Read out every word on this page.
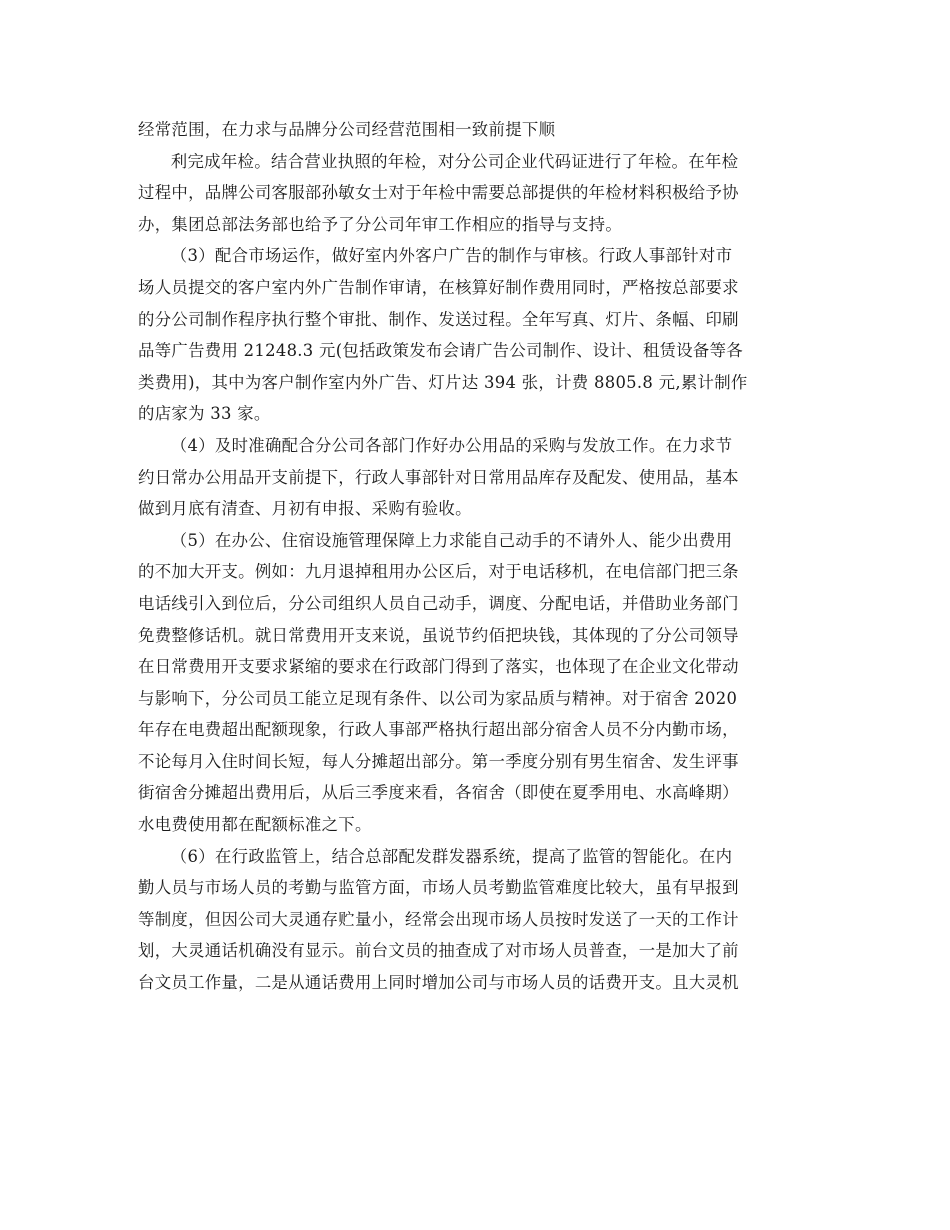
经常范围，在力求与品牌分公司经营范围相一致前提下顺
利完成年检。结合营业执照的年检，对分公司企业代码证进行了年检。在年检
过程中，品牌公司客服部孙敏女士对于年检中需要总部提供的年检材料积极给予协
办，集团总部法务部也给予了分公司年审工作相应的指导与支持。
（3）配合市场运作，做好室内外客户广告的制作与审核。行政人事部针对市
场人员提交的客户室内外广告制作审请，在核算好制作费用同时，严格按总部要求
的分公司制作程序执行整个审批、制作、发送过程。全年写真、灯片、条幅、印刷
品等广告费用 21248.3 元(包括政策发布会请广告公司制作、设计、租赁设备等各
类费用)，其中为客户制作室内外广告、灯片达 394 张，计费 8805.8 元,累计制作
的店家为 33 家。
（4）及时准确配合分公司各部门作好办公用品的采购与发放工作。在力求节
约日常办公用品开支前提下，行政人事部针对日常用品库存及配发、使用品，基本
做到月底有清查、月初有申报、采购有验收。
（5）在办公、住宿设施管理保障上力求能自己动手的不请外人、能少出费用
的不加大开支。例如：九月退掉租用办公区后，对于电话移机，在电信部门把三条
电话线引入到位后，分公司组织人员自己动手，调度、分配电话，并借助业务部门
免费整修话机。就日常费用开支来说，虽说节约佰把块钱，其体现的了分公司领导
在日常费用开支要求紧缩的要求在行政部门得到了落实，也体现了在企业文化带动
与影响下，分公司员工能立足现有条件、以公司为家品质与精神。对于宿舍 2020
年存在电费超出配额现象，行政人事部严格执行超出部分宿舍人员不分内勤市场，
不论每月入住时间长短，每人分摊超出部分。第一季度分别有男生宿舍、发生评事
街宿舍分摊超出费用后，从后三季度来看，各宿舍（即使在夏季用电、水高峰期）
水电费使用都在配额标准之下。
（6）在行政监管上，结合总部配发群发器系统，提高了监管的智能化。在内
勤人员与市场人员的考勤与监管方面，市场人员考勤监管难度比较大，虽有早报到
等制度，但因公司大灵通存贮量小，经常会出现市场人员按时发送了一天的工作计
划，大灵通话机确没有显示。前台文员的抽查成了对市场人员普查，一是加大了前
台文员工作量，二是从通话费用上同时增加公司与市场人员的话费开支。且大灵机
